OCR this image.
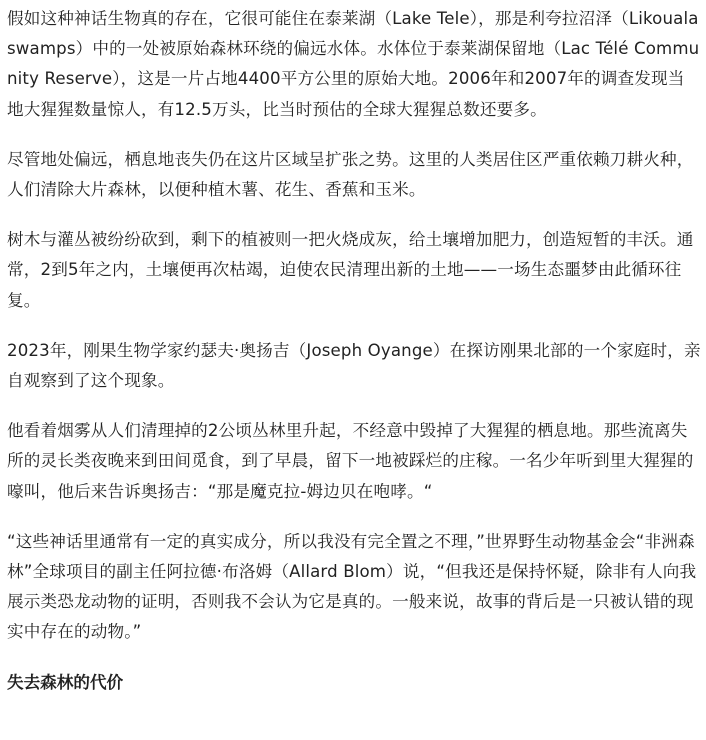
假如这种神话生物真的存在，它很可能住在泰莱湖（Lake Tele），那是利夸拉沼泽（Likouala swamps）中的一处被原始森林环绕的偏远水体。水体位于泰莱湖保留地（Lac Télé Community Reserve），这是一片占地4400平方公里的原始大地。2006年和2007年的调查发现当地大猩猩数量惊人，有12.5万头，比当时预估的全球大猩猩总数还要多。

尽管地处偏远，栖息地丧失仍在这片区域呈扩张之势。这里的人类居住区严重依赖刀耕火种，人们清除大片森林，以便种植木薯、花生、香蕉和玉米。

树木与灌丛被纷纷砍到，剩下的植被则一把火烧成灰，给土壤增加肥力，创造短暂的丰沃。通常，2到5年之内，土壤便再次枯竭，迫使农民清理出新的土地——一场生态噩梦由此循环往复。

2023年，刚果生物学家约瑟夫·奥扬吉（Joseph Oyange）在探访刚果北部的一个家庭时，亲自观察到了这个现象。

他看着烟雾从人们清理掉的2公顷丛林里升起，不经意中毁掉了大猩猩的栖息地。那些流离失所的灵长类夜晚来到田间觅食，到了早晨，留下一地被踩烂的庄稼。一名少年听到里大猩猩的嚎叫，他后来告诉奥扬吉：“那是魔克拉-姆边贝在咆哮。“

“这些神话里通常有一定的真实成分，所以我没有完全置之不理，”世界野生动物基金会“非洲森林”全球项目的副主任阿拉德·布洛姆（Allard Blom）说，“但我还是保持怀疑，除非有人向我展示类恐龙动物的证明，否则我不会认为它是真的。一般来说，故事的背后是一只被认错的现实中存在的动物。”

失去森林的代价
